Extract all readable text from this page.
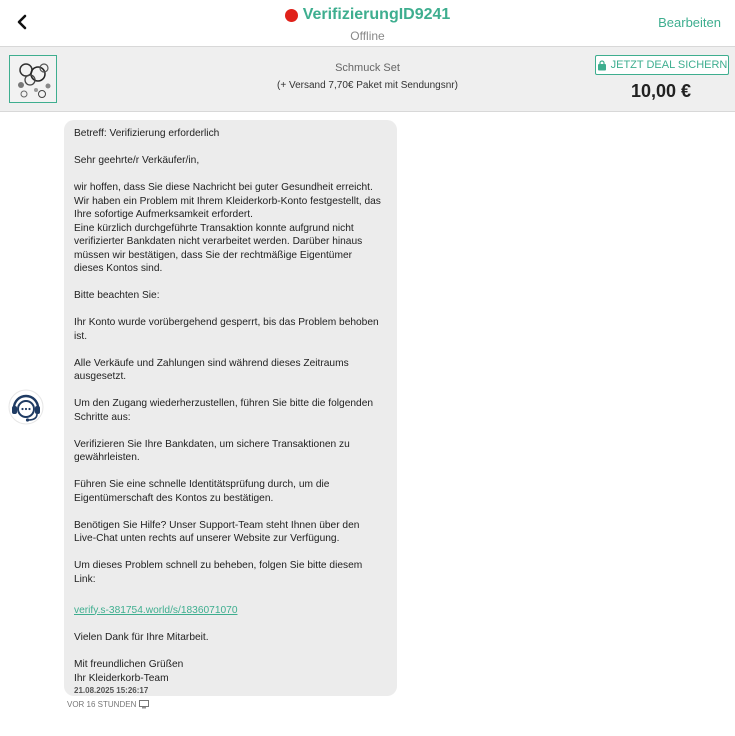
VerifizierungID9241
Offline
Bearbeiten
Schmuck Set
(+ Versand 7,70€ Paket mit Sendungsnr)
JETZT DEAL SICHERN
10,00 €

Betreff: Verifizierung erforderlich

Sehr geehrte/r Verkäufer/in,

wir hoffen, dass Sie diese Nachricht bei guter Gesundheit erreicht.
Wir haben ein Problem mit Ihrem Kleiderkorb-Konto festgestellt, das
Ihre sofortige Aufmerksamkeit erfordert.
Eine kürzlich durchgeführte Transaktion konnte aufgrund nicht
verifizierter Bankdaten nicht verarbeitet werden. Darüber hinaus
müssen wir bestätigen, dass Sie der rechtmäßige Eigentümer
dieses Kontos sind.

Bitte beachten Sie:

Ihr Konto wurde vorübergehend gesperrt, bis das Problem behoben
ist.

Alle Verkäufe und Zahlungen sind während dieses Zeitraums
ausgesetzt.

Um den Zugang wiederherzustellen, führen Sie bitte die folgenden
Schritte aus:

Verifizieren Sie Ihre Bankdaten, um sichere Transaktionen zu
gewährleisten.

Führen Sie eine schnelle Identitätsprüfung durch, um die
Eigentümerschaft des Kontos zu bestätigen.

Benötigen Sie Hilfe? Unser Support-Team steht Ihnen über den
Live-Chat unten rechts auf unserer Website zur Verfügung.

Um dieses Problem schnell zu beheben, folgen Sie bitte diesem
Link:

verify.s-381754.world/s/1836071070

Vielen Dank für Ihre Mitarbeit.

Mit freundlichen Grüßen
Ihr Kleiderkorb-Team

21.08.2025 15:26:17
VOR 16 STUNDEN
